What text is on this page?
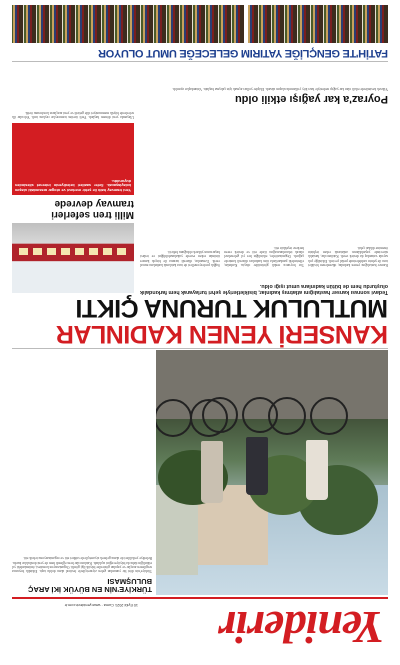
Yeniderir
10 Eylül 2021 Cuma · www.yenidevir.com.tr
TÜRKİYE'NİN EN BÜYÜK İKİ ARAÇ BULUŞMASI
Türkiye'nin dört bir yanından gelen ziyaretçilerle festival alanı doldu taştı. Etkinlik boyunca sergilenen araçlar ve yapılan gösteriler büyük ilgi gördü. Organizasyon komitesi, önümüzdeki yıl etkinliğin daha da büyüyeceğini açıkladı. Katılımcılar hem eğlendi hem de yeni dostluklar kurdu. Belediye yetkilileri de alana gelerek ziyaretçilerle sohbet etti ve organizasyonu tebrik etti.
KANSERİ YENEN KADINLAR
MUTLULUK TURUNA ÇIKTI
Tedavi sonrası kanser hastalığını atlatmış kadınlar, bisikletleriyle şehri turlayarak hem farkındalık oluşturdu hem de bütün kadınlara umut ışığı oldu.
Kanser hastalığını yenen kadınlar, düzenlenen bisiklet turu ile şehrin caddelerinde pedal çevirdi. Etkinliğe çok sayıda vatandaş da destek verdi. Katılımcılar, hastalık sürecinde yaşadıklarını anlatarak erken teşhisin önemine dikkat çekti.
Tur boyunca renkli görüntüler oluştu. Kadınlar, ellerindeki pankartlarla tüm kadınları düzenli kontrole çağırdı. Organizatörler, etkinliğin her yıl geleneksel olarak tekrarlanacağını ifade etti ve destek veren herkese teşekkür etti.
Sağlık profesyonelleri de tura katılarak kadınlara moral verdi. Uzmanlar, düzenli tarama ile birçok kanser türünün erken evrede yakalanabildiğini ve tedavi başarısının yüksek olduğunu belirtti.
Poyraz'a kar yağışı etkili oldu
Yüksek kesimlerde etkili olan kar yağışı nedeniyle bazı köy yollarında ulaşım aksadı. Ekipler yolları açmak için çalışma başlattı. Vatandaşlar uyarıldı.
Milli tren seferleri tramvay devrede
Yeni tramvay hattı ile şehir merkezi ve otogar arasındaki ulaşım kolaylaşacak. Sefer saatleri belediyenin internet sitesinden duyuruldu.
Ulaşımda yeni dönem başladı. Yerli üretim tramvaylar raylara indi. Yolcular ilk seferlerde büyük memnuniyet dile getirdi ve yeni araçların konforunu övdü.
FATİH'TE GENÇLİĞE YATIRIM GELECEĞE UMUT OLUYOR
